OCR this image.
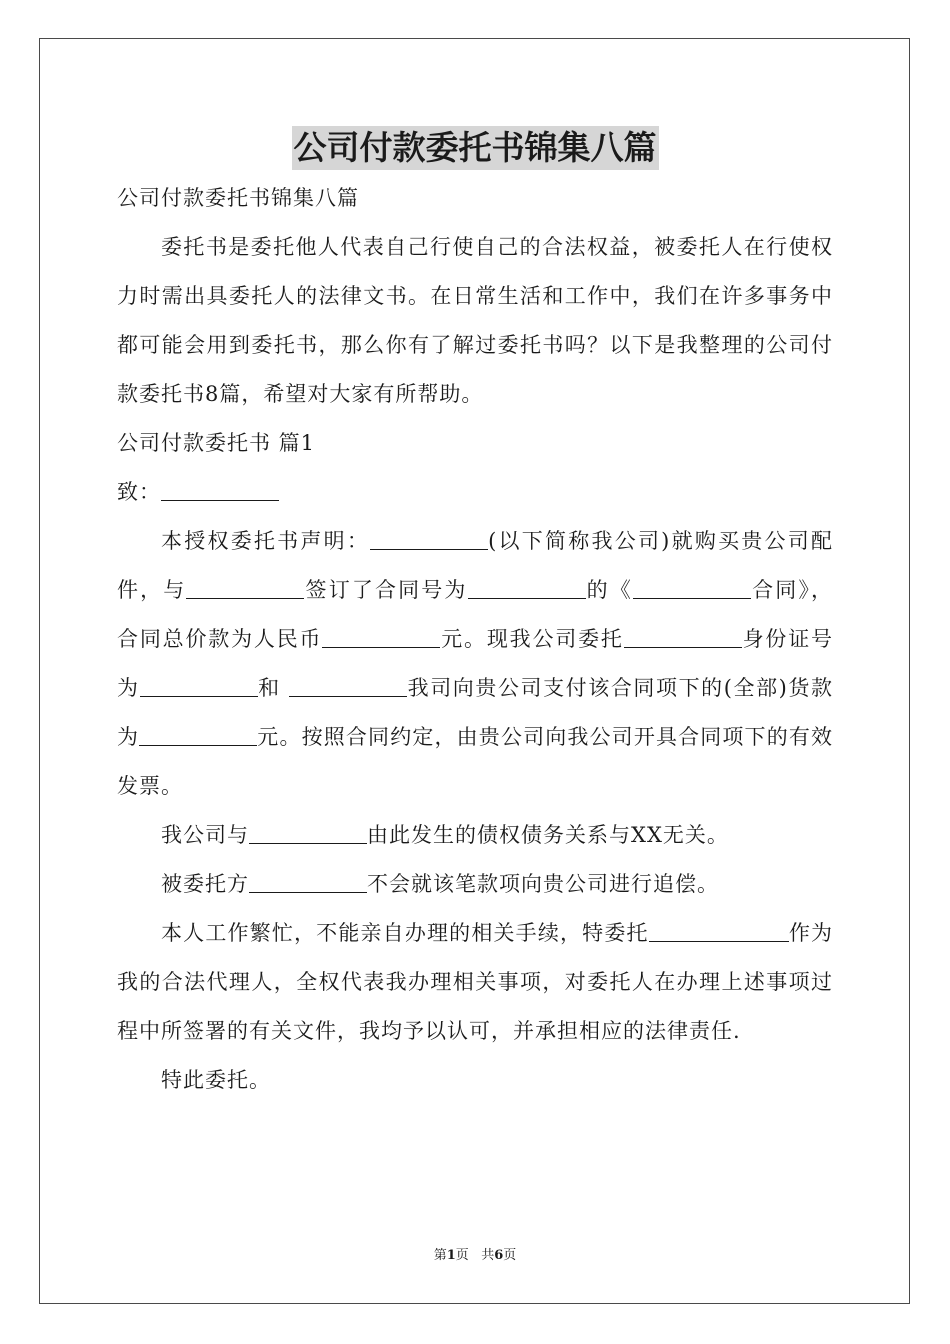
公司付款委托书锦集八篇

公司付款委托书锦集八篇

委托书是委托他人代表自己行使自己的合法权益，被委托人在行使权力时需出具委托人的法律文书。在日常生活和工作中，我们在许多事务中都可能会用到委托书，那么你有了解过委托书吗？以下是我整理的公司付款委托书8篇，希望对大家有所帮助。

公司付款委托书 篇1

致：

本授权委托书声明：	(以下简称我公司)就购买贵公司配件，与	签订了合同号为	的《	合同》，合同总价款为人民币	元。现我公司委托	身份证号为	和	我司向贵公司支付该合同项下的(全部)货款为	元。按照合同约定，由贵公司向我公司开具合同项下的有效发票。

我公司与	由此发生的债权债务关系与XX无关。

被委托方	不会就该笔款项向贵公司进行追偿。

本人工作繁忙，不能亲自办理的相关手续，特委托	作为我的合法代理人，全权代表我办理相关事项，对委托人在办理上述事项过程中所签署的有关文件，我均予以认可，并承担相应的法律责任.

特此委托。

第1页 共6页
